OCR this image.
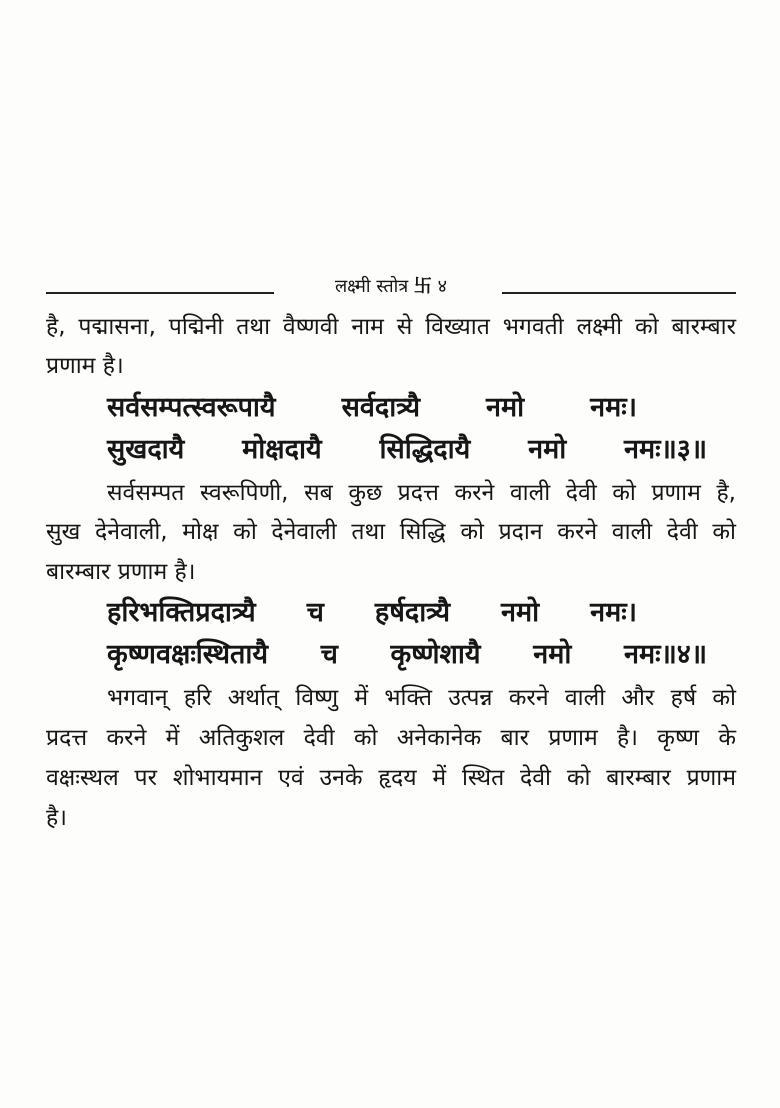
लक्ष्मी स्तोत्र 卐 ४
है, पद्मासना, पद्मिनी तथा वैष्णवी नाम से विख्यात भगवती लक्ष्मी को बारम्बार
प्रणाम है।
सर्वसम्पत्स्वरूपायै सर्वदात्र्यै नमो नमः।
सुखदायै मोक्षदायै सिद्धिदायै नमो नमः॥३॥
सर्वसम्पत स्वरूपिणी, सब कुछ प्रदत्त करने वाली देवी को प्रणाम है,
सुख देनेवाली, मोक्ष को देनेवाली तथा सिद्धि को प्रदान करने वाली देवी को
बारम्बार प्रणाम है।
हरिभक्तिप्रदात्र्यै च हर्षदात्र्यै नमो नमः।
कृष्णवक्षःस्थितायै च कृष्णेशायै नमो नमः॥४॥
भगवान् हरि अर्थात् विष्णु में भक्ति उत्पन्न करने वाली और हर्ष को
प्रदत्त करने में अतिकुशल देवी को अनेकानेक बार प्रणाम है। कृष्ण के
वक्षःस्थल पर शोभायमान एवं उनके हृदय में स्थित देवी को बारम्बार प्रणाम
है।
